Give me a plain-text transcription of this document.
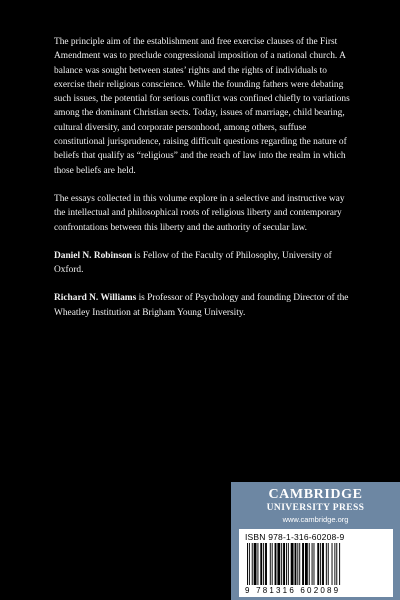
The principle aim of the establishment and free exercise clauses of the First Amendment was to preclude congressional imposition of a national church. A balance was sought between states’ rights and the rights of individuals to exercise their religious conscience. While the founding fathers were debating such issues, the potential for serious conflict was confined chiefly to variations among the dominant Christian sects. Today, issues of marriage, child bearing, cultural diversity, and corporate personhood, among others, suffuse constitutional jurisprudence, raising difficult questions regarding the nature of beliefs that qualify as “religious” and the reach of law into the realm in which those beliefs are held.

The essays collected in this volume explore in a selective and instructive way the intellectual and philosophical roots of religious liberty and contemporary confrontations between this liberty and the authority of secular law.

Daniel N. Robinson is Fellow of the Faculty of Philosophy, University of Oxford.

Richard N. Williams is Professor of Psychology and founding Director of the Wheatley Institution at Brigham Young University.

CAMBRIDGE
UNIVERSITY PRESS
www.cambridge.org
ISBN 978-1-316-60208-9
9 781316 602089
